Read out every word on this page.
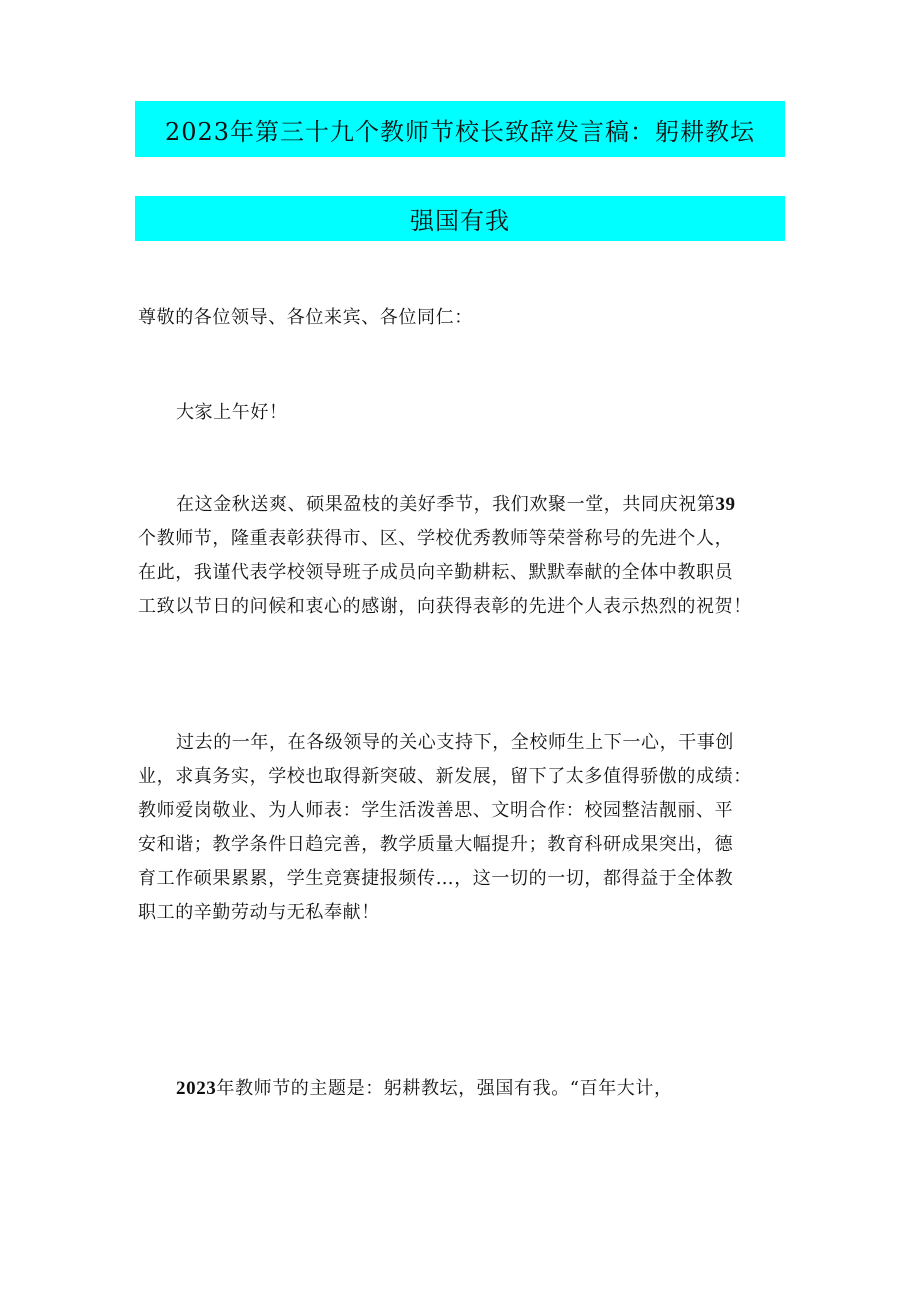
2023年第三十九个教师节校长致辞发言稿：躬耕教坛
强国有我
尊敬的各位领导、各位来宾、各位同仁：
大家上午好！
在这金秋送爽、硕果盈枝的美好季节，我们欢聚一堂，共同庆祝第39
个教师节，隆重表彰获得市、区、学校优秀教师等荣誉称号的先进个人，
在此，我谨代表学校领导班子成员向辛勤耕耘、默默奉献的全体中教职员
工致以节日的问候和衷心的感谢，向获得表彰的先进个人表示热烈的祝贺！
过去的一年，在各级领导的关心支持下，全校师生上下一心，干事创
业，求真务实，学校也取得新突破、新发展，留下了太多值得骄傲的成绩：
教师爱岗敬业、为人师表：学生活泼善思、文明合作：校园整洁靓丽、平
安和谐；教学条件日趋完善，教学质量大幅提升；教育科研成果突出，德
育工作硕果累累，学生竞赛捷报频传…，这一切的一切，都得益于全体教
职工的辛勤劳动与无私奉献！
2023年教师节的主题是：躬耕教坛，强国有我。“百年大计，
